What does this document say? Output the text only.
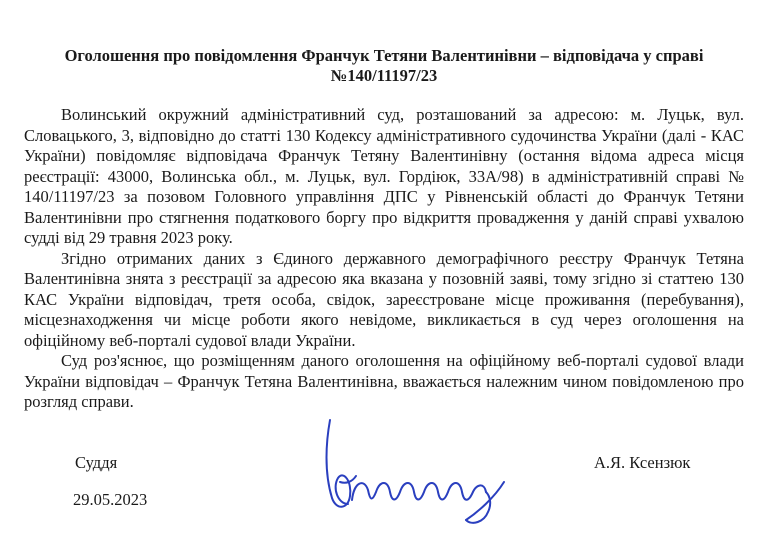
Оголошення про повідомлення Франчук Тетяни Валентинівни – відповідача у справі
№140/11197/23

Волинський окружний адміністративний суд, розташований за адресою: м. Луцьк, вул. Словацького, 3, відповідно до статті 130 Кодексу адміністративного судочинства України (далі - КАС України) повідомляє відповідача Франчук Тетяну Валентинівну (остання відома адреса місця реєстрації: 43000, Волинська обл., м. Луцьк, вул. Гордіюк, 33А/98) в адміністративній справі № 140/11197/23 за позовом Головного управління ДПС у Рівненській області до Франчук Тетяни Валентинівни про стягнення податкового боргу про відкриття провадження у даній справі ухвалою судді від 29 травня 2023 року.

Згідно отриманих даних з Єдиного державного демографічного реєстру Франчук Тетяна Валентинівна знята з реєстрації за адресою яка вказана у позовній заяві, тому згідно зі статтею 130 КАС України відповідач, третя особа, свідок, зареєстроване місце проживання (перебування), місцезнаходження чи місце роботи якого невідоме, викликається в суд через оголошення на офіційному веб-порталі судової влади України.

Суд роз'яснює, що розміщенням даного оголошення на офіційному веб-порталі судової влади України відповідач – Франчук Тетяна Валентинівна, вважається належним чином повідомленою про розгляд справи.

Суддя	А.Я. Ксензюк
29.05.2023
